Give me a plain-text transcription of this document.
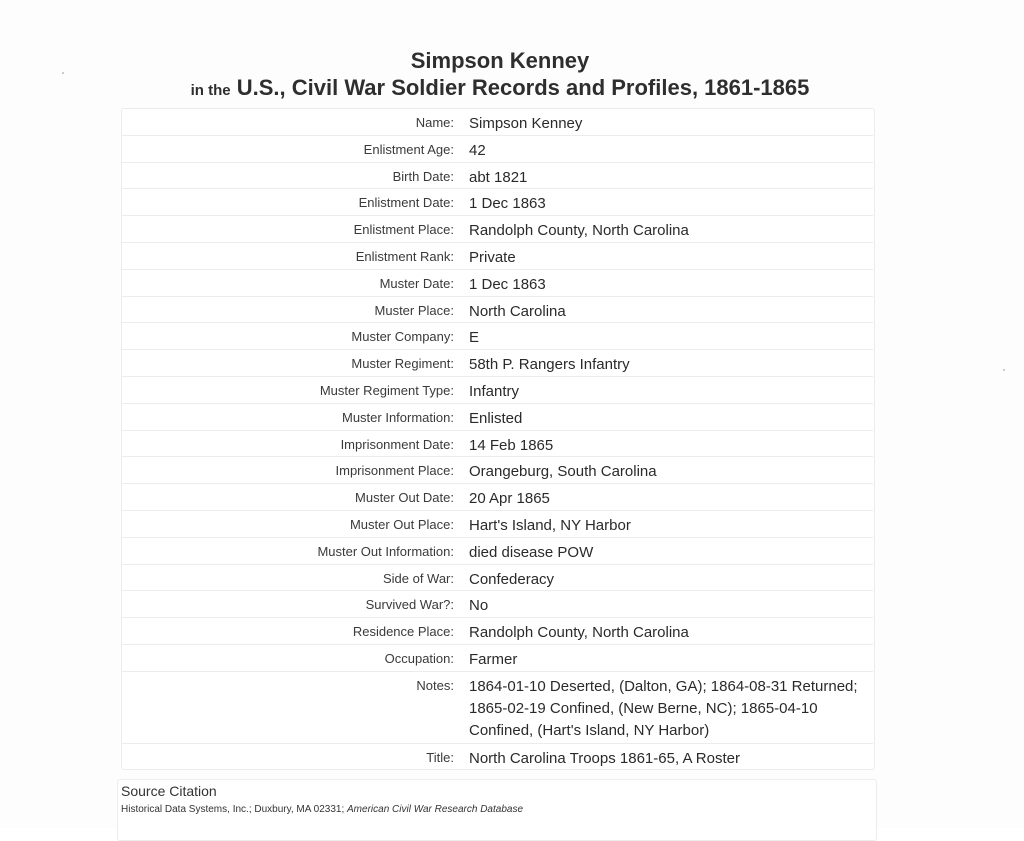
Simpson Kenney
in the U.S., Civil War Soldier Records and Profiles, 1861-1865
Name:	Simpson Kenney
Enlistment Age:	42
Birth Date:	abt 1821
Enlistment Date:	1 Dec 1863
Enlistment Place:	Randolph County, North Carolina
Enlistment Rank:	Private
Muster Date:	1 Dec 1863
Muster Place:	North Carolina
Muster Company:	E
Muster Regiment:	58th P. Rangers Infantry
Muster Regiment Type:	Infantry
Muster Information:	Enlisted
Imprisonment Date:	14 Feb 1865
Imprisonment Place:	Orangeburg, South Carolina
Muster Out Date:	20 Apr 1865
Muster Out Place:	Hart's Island, NY Harbor
Muster Out Information:	died disease POW
Side of War:	Confederacy
Survived War?:	No
Residence Place:	Randolph County, North Carolina
Occupation:	Farmer
Notes:	1864-01-10 Deserted, (Dalton, GA); 1864-08-31 Returned; 1865-02-19 Confined, (New Berne, NC); 1865-04-10 Confined, (Hart's Island, NY Harbor)
Title:	North Carolina Troops 1861-65, A Roster
Source Citation
Historical Data Systems, Inc.; Duxbury, MA 02331; American Civil War Research Database
